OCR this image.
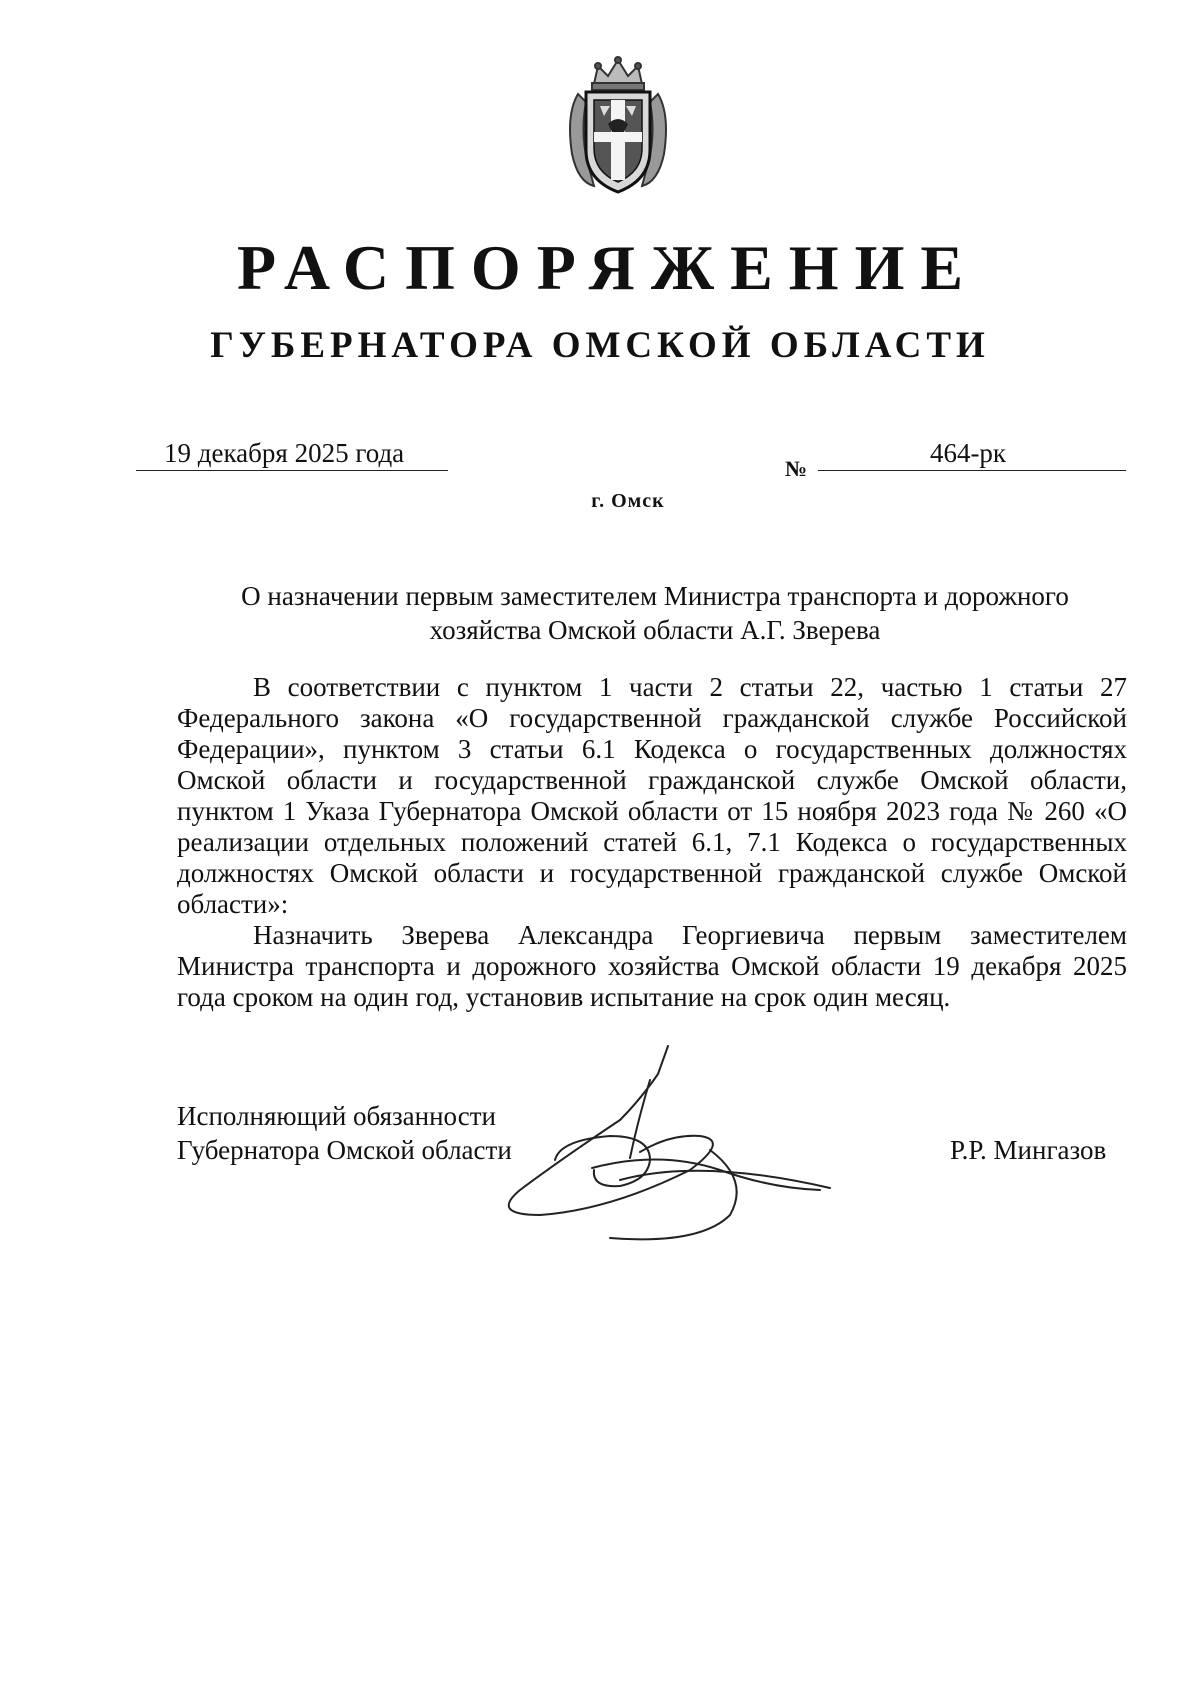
РАСПОРЯЖЕНИЕ
ГУБЕРНАТОРА ОМСКОЙ ОБЛАСТИ
19 декабря 2025 года
№
464-рк
г. Омск
О назначении первым заместителем Министра транспорта и дорожного хозяйства Омской области А.Г. Зверева

В соответствии с пунктом 1 части 2 статьи 22, частью 1 статьи 27 Федерального закона «О государственной гражданской службе Российской Федерации», пунктом 3 статьи 6.1 Кодекса о государственных должностях Омской области и государственной гражданской службе Омской области, пунктом 1 Указа Губернатора Омской области от 15 ноября 2023 года № 260 «О реализации отдельных положений статей 6.1, 7.1 Кодекса о государственных должностях Омской области и государственной гражданской службе Омской области»:

Назначить Зверева Александра Георгиевича первым заместителем Министра транспорта и дорожного хозяйства Омской области 19 декабря 2025 года сроком на один год, установив испытание на срок один месяц.

Исполняющий обязанности
Губернатора Омской области	Р.Р. Мингазов
